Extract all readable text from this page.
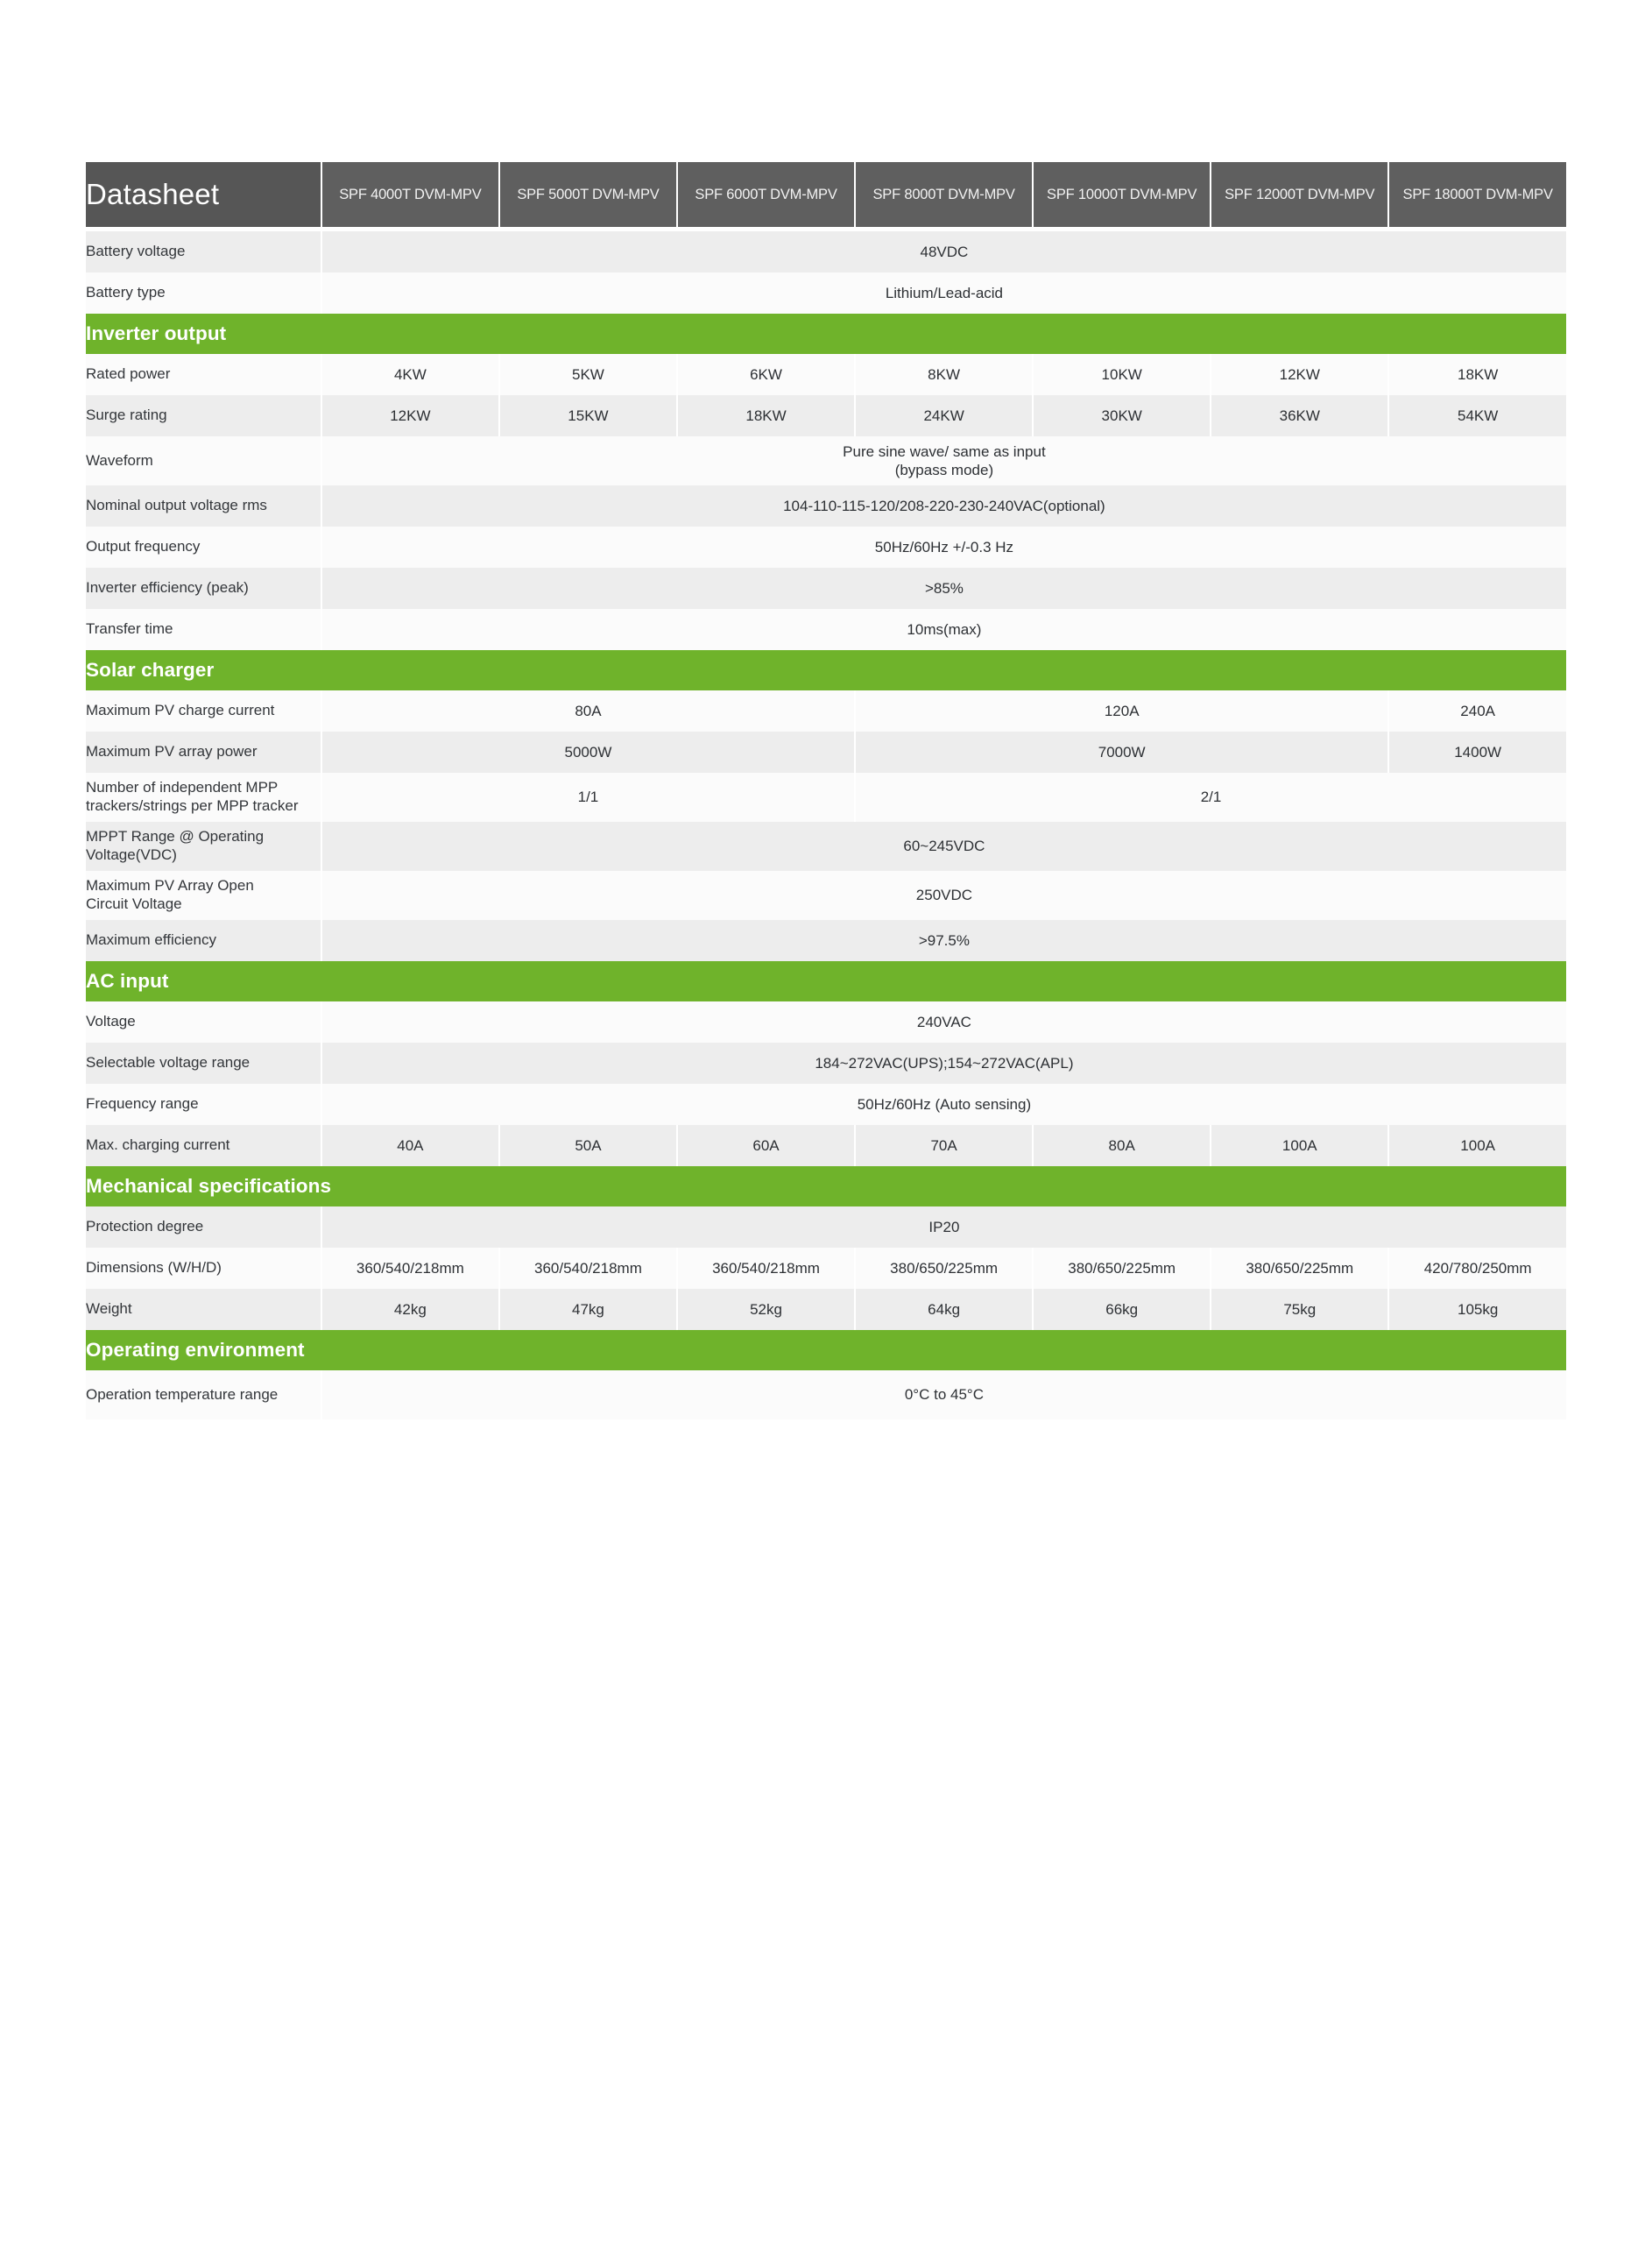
Datasheet	SPF 4000T DVM-MPV	SPF 5000T DVM-MPV	SPF 6000T DVM-MPV	SPF 8000T DVM-MPV	SPF 10000T DVM-MPV	SPF 12000T DVM-MPV	SPF 18000T DVM-MPV

Battery voltage	48VDC						
Battery type	Lithium/Lead-acid						
Inverter output							
Rated power	4KW	5KW	6KW	8KW	10KW	12KW	18KW
Surge rating	12KW	15KW	18KW	24KW	30KW	36KW	54KW
Waveform	Pure sine wave/ same as input
(bypass mode)						

Nominal output voltage rms	104-110-115-120/208-220-230-240VAC(optional)						
Output frequency	50Hz/60Hz +/-0.3 Hz						
Inverter efficiency (peak)	>85%						
Transfer time	10ms(max)						
Solar charger							
Maximum PV charge current	80A			120A			240A
Maximum PV array power	5000W			7000W			1400W

Number of independent MPP
trackers/strings per MPP tracker	1/1			2/1			

MPPT Range @ Operating
Voltage(VDC)	60~245VDC						

Maximum PV Array Open
Circuit Voltage	250VDC						
Maximum efficiency	>97.5%						
AC input							
Voltage	240VAC						
Selectable voltage range	184~272VAC(UPS);154~272VAC(APL)						
Frequency range	50Hz/60Hz (Auto sensing)						
Max. charging current	40A	50A	60A	70A	80A	100A	100A
Mechanical specifications							
Protection degree	IP20						
Dimensions (W/H/D)	360/540/218mm	360/540/218mm	360/540/218mm	380/650/225mm	380/650/225mm	380/650/225mm	420/780/250mm
Weight	42kg	47kg	52kg	64kg	66kg	75kg	105kg
Operating environment							
Operation temperature range	0°C to 45°C						
